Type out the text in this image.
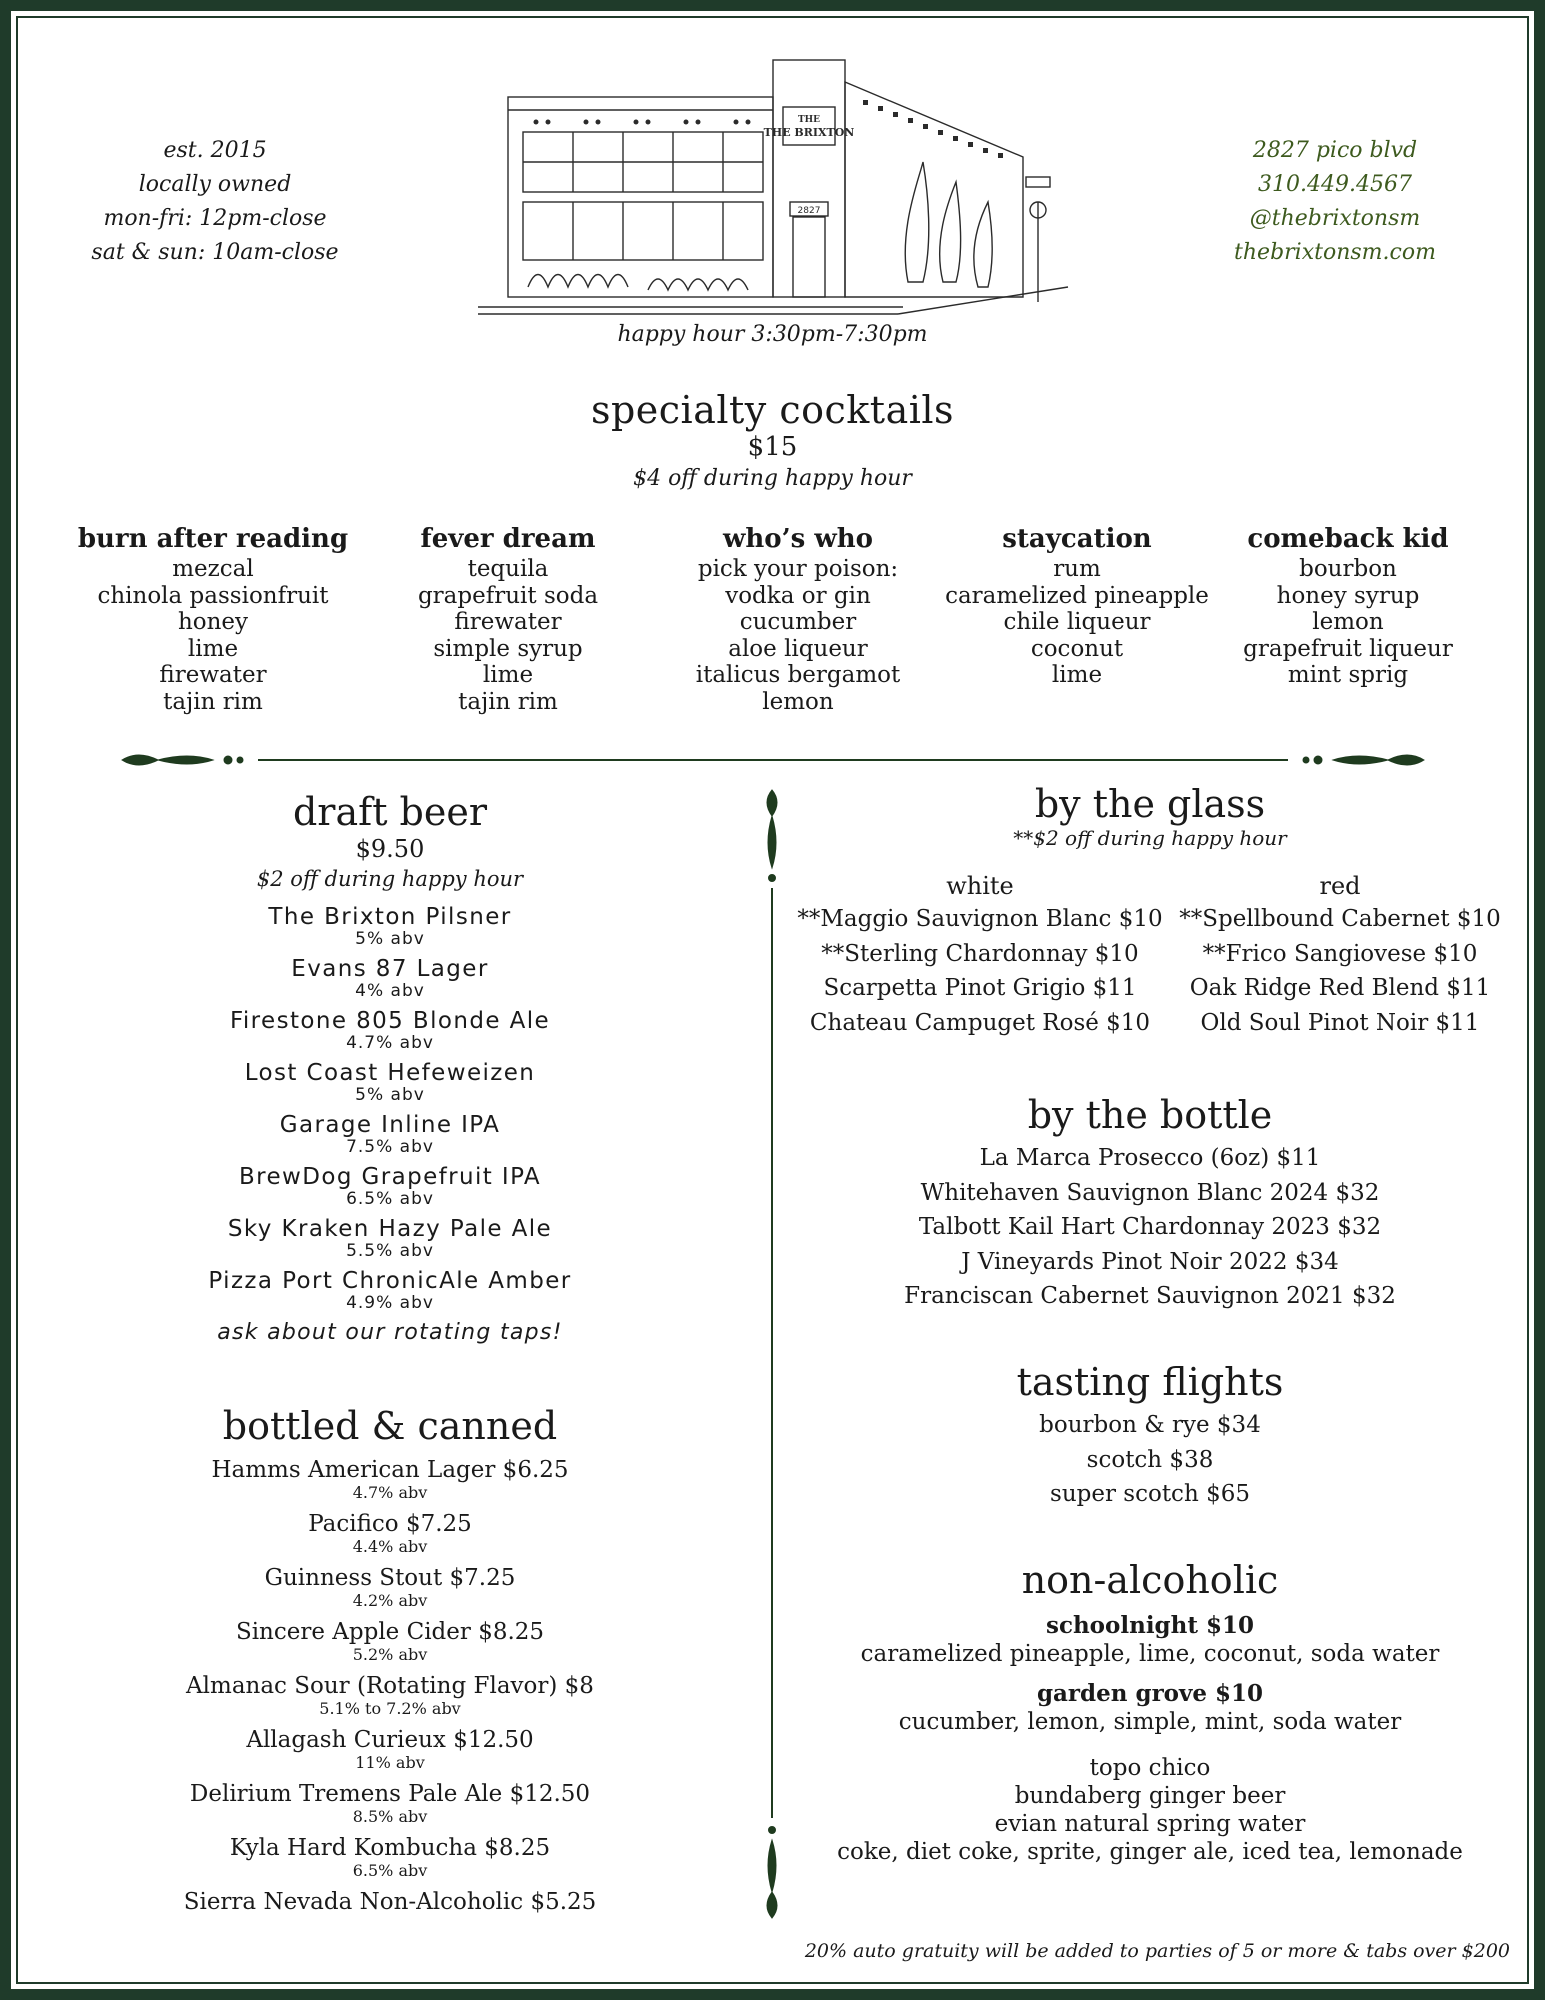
est. 2015
locally owned
mon-fri: 12pm-close
sat & sun: 10am-close
2827 pico blvd
310.449.4567
@thebrixtonsm
thebrixtonsm.com
THE
THE BRIXTON
2827
happy hour 3:30pm-7:30pm
specialty cocktails
$15
$4 off during happy hour
burn after reading
mezcal
chinola passionfruit
honey
lime
firewater
tajin rim
fever dream
tequila
grapefruit soda
firewater
simple syrup
lime
tajin rim
who’s who
pick your poison:
vodka or gin
cucumber
aloe liqueur
italicus bergamot
lemon
staycation
rum
caramelized pineapple
chile liqueur
coconut
lime
comeback kid
bourbon
honey syrup
lemon
grapefruit liqueur
mint sprig
draft beer
$9.50
$2 off during happy hour
The Brixton Pilsner
5% abv
Evans 87 Lager
4% abv
Firestone 805 Blonde Ale
4.7% abv
Lost Coast Hefeweizen
5% abv
Garage Inline IPA
7.5% abv
BrewDog Grapefruit IPA
6.5% abv
Sky Kraken Hazy Pale Ale
5.5% abv
Pizza Port ChronicAle Amber
4.9% abv
ask about our rotating taps!
bottled & canned
Hamms American Lager $6.25
4.7% abv
Pacifico $7.25
4.4% abv
Guinness Stout $7.25
4.2% abv
Sincere Apple Cider $8.25
5.2% abv
Almanac Sour (Rotating Flavor) $8
5.1% to 7.2% abv
Allagash Curieux $12.50
11% abv
Delirium Tremens Pale Ale $12.50
8.5% abv
Kyla Hard Kombucha $8.25
6.5% abv
Sierra Nevada Non-Alcoholic $5.25
by the glass
**$2 off during happy hour
white
**Maggio Sauvignon Blanc $10
**Sterling Chardonnay $10
Scarpetta Pinot Grigio $11
Chateau Campuget Rosé $10
red
**Spellbound Cabernet $10
**Frico Sangiovese $10
Oak Ridge Red Blend $11
Old Soul Pinot Noir $11
by the bottle
La Marca Prosecco (6oz) $11
Whitehaven Sauvignon Blanc 2024 $32
Talbott Kail Hart Chardonnay 2023 $32
J Vineyards Pinot Noir 2022 $34
Franciscan Cabernet Sauvignon 2021 $32
tasting flights
bourbon & rye $34
scotch $38
super scotch $65
non-alcoholic
schoolnight $10
caramelized pineapple, lime, coconut, soda water
garden grove $10
cucumber, lemon, simple, mint, soda water
topo chico
bundaberg ginger beer
evian natural spring water
coke, diet coke, sprite, ginger ale, iced tea, lemonade
20% auto gratuity will be added to parties of 5 or more & tabs over $200
